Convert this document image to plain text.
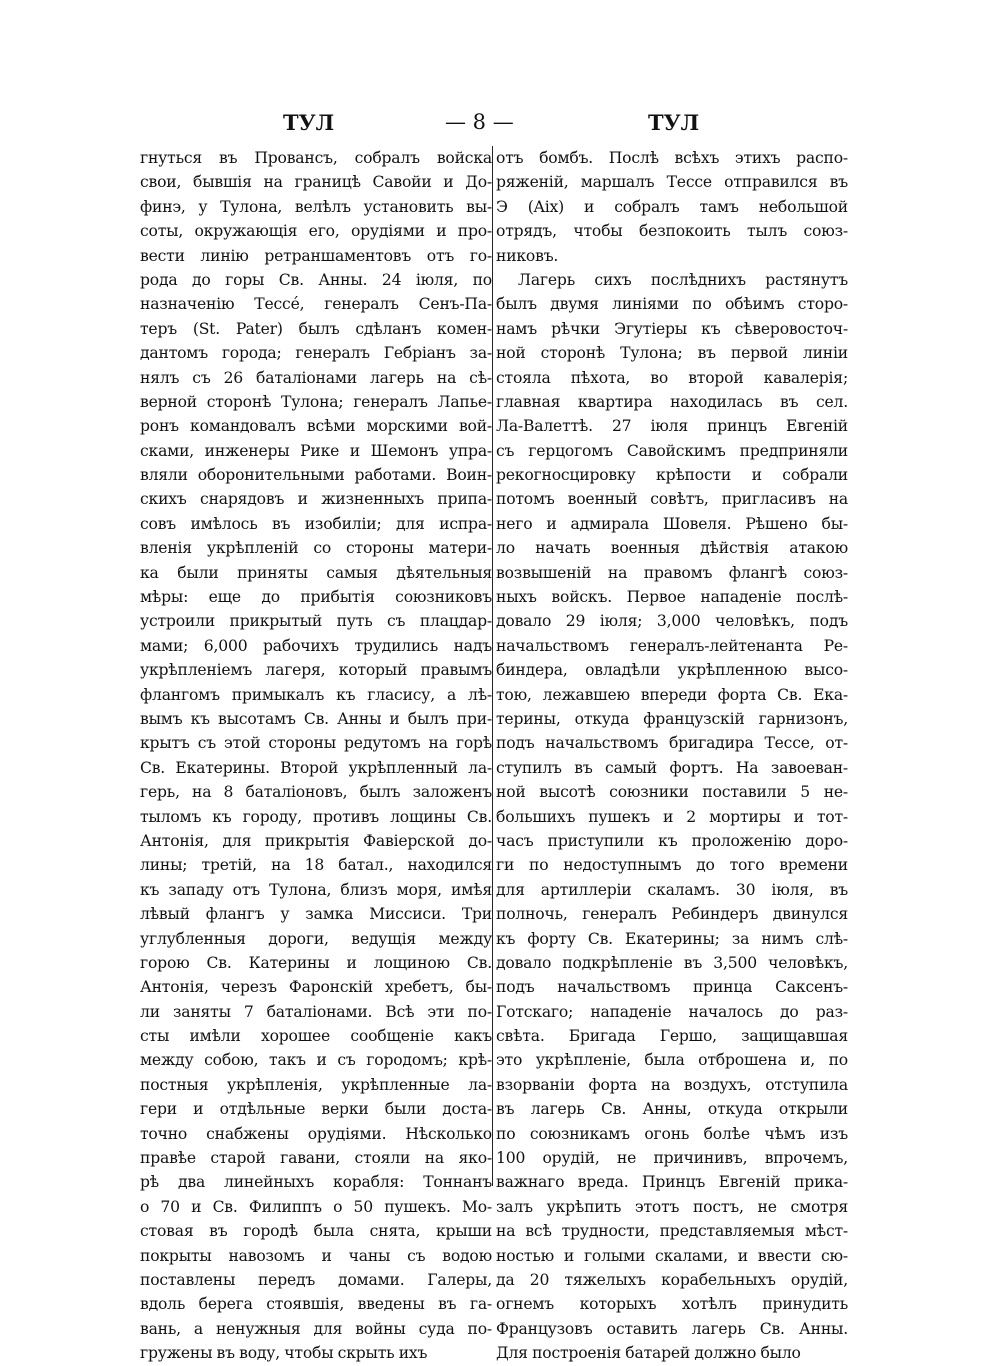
ТУЛ	— 8 —	ТУЛ
гнуться въ Провансъ, собралъ войска
свои, бывшія на границѣ Савойи и До-
финэ, у Тулона, велѣлъ установить вы-
соты, окружающія его, орудіями и про-
вести линію ретраншаментовъ отъ го-
рода до горы Св. Анны. 24 іюля, по
назначенію Тессé, генералъ Сенъ-Па-
теръ (St. Pater) былъ сдѣланъ комен-
дантомъ города; генералъ Гебріанъ за-
нялъ съ 26 баталіонами лагерь на сѣ-
верной сторонѣ Тулона; генералъ Лапье-
ронъ командовалъ всѣми морскими вой-
сками, инженеры Рике и Шемонъ упра-
вляли оборонительными работами. Воин-
скихъ снарядовъ и жизненныхъ припа-
совъ имѣлось въ изобиліи; для испра-
вленія укрѣпленій со стороны матери-
ка были приняты самыя дѣятельныя
мѣры: еще до прибытія союзниковъ
устроили прикрытый путь съ плацдар-
мами; 6,000 рабочихъ трудились надъ
укрѣпленіемъ лагеря, который правымъ
флангомъ примыкалъ къ гласису, а лѣ-
вымъ къ высотамъ Св. Анны и былъ при-
крытъ съ этой стороны редутомъ на горѣ
Св. Екатерины. Второй укрѣпленный ла-
герь, на 8 баталіоновъ, былъ заложенъ
тыломъ къ городу, противъ лощины Св.
Антонія, для прикрытія Фавіерской до-
лины; третій, на 18 батал., находился
къ западу отъ Тулона, близъ моря, имѣя
лѣвый флангъ у замка Миссиси. Три
углубленныя дороги, ведущія между
горою Св. Катерины и лощиною Св.
Антонія, черезъ Фаронскій хребетъ, бы-
ли заняты 7 баталіонами. Всѣ эти по-
сты имѣли хорошее сообщеніе какъ
между собою, такъ и съ городомъ; крѣ-
постныя укрѣпленія, укрѣпленные ла-
гери и отдѣльные верки были доста-
точно снабжены орудіями. Нѣсколько
правѣе старой гавани, стояли на яко-
рѣ два линейныхъ корабля: Тоннанъ
о 70 и Св. Филиппъ о 50 пушекъ. Мо-
стовая въ городѣ была снята, крыши
покрыты навозомъ и чаны съ водою
поставлены передъ домами. Галеры,
вдоль берега стоявшія, введены въ га-
вань, а ненужныя для войны суда по-
гружены въ воду, чтобы скрыть ихъ
отъ бомбъ. Послѣ всѣхъ этихъ распо-
ряженій, маршалъ Тессе отправился въ
Э (Aix) и собралъ тамъ небольшой
отрядъ, чтобы безпокоить тылъ союз-
никовъ.
Лагерь сихъ послѣднихъ растянутъ
былъ двумя линіями по обѣимъ сторо-
намъ рѣчки Эгутіеры къ сѣверовосточ-
ной сторонѣ Тулона; въ первой линіи
стояла пѣхота, во второй кавалерія;
главная квартира находилась въ сел.
Ла-Валеттѣ. 27 іюля принцъ Евгеній
съ герцогомъ Савойскимъ предприняли
рекогносцировку крѣпости и собрали
потомъ военный совѣтъ, пригласивъ на
него и адмирала Шовеля. Рѣшено бы-
ло начать военныя дѣйствія атакою
возвышеній на правомъ флангѣ союз-
ныхъ войскъ. Первое нападеніе послѣ-
довало 29 іюля; 3,000 человѣкъ, подъ
начальствомъ генералъ-лейтенанта Ре-
биндера, овладѣли укрѣпленною высо-
тою, лежавшею впереди форта Св. Ека-
терины, откуда французскій гарнизонъ,
подъ начальствомъ бригадира Тессе, от-
ступилъ въ самый фортъ. На завоеван-
ной высотѣ союзники поставили 5 не-
большихъ пушекъ и 2 мортиры и тот-
часъ приступили къ проложенію доро-
ги по недоступнымъ до того времени
для артиллеріи скаламъ. 30 іюля, въ
полночь, генералъ Ребиндеръ двинулся
къ форту Св. Екатерины; за нимъ слѣ-
довало подкрѣпленіе въ 3,500 человѣкъ,
подъ начальствомъ принца Саксенъ-
Готскаго; нападеніе началось до раз-
свѣта. Бригада Гершо, защищавшая
это укрѣпленіе, была отброшена и, по
взорваніи форта на воздухъ, отступила
въ лагерь Св. Анны, откуда открыли
по союзникамъ огонь болѣе чѣмъ изъ
100 орудій, не причинивъ, впрочемъ,
важнаго вреда. Принцъ Евгеній прика-
залъ укрѣпить этотъ постъ, не смотря
на всѣ трудности, представляемыя мѣст-
ностью и голыми скалами, и ввести сю-
да 20 тяжелыхъ корабельныхъ орудій,
огнемъ которыхъ хотѣлъ принудить
Французовъ оставить лагерь Св. Анны.
Для построенія батарей должно было
